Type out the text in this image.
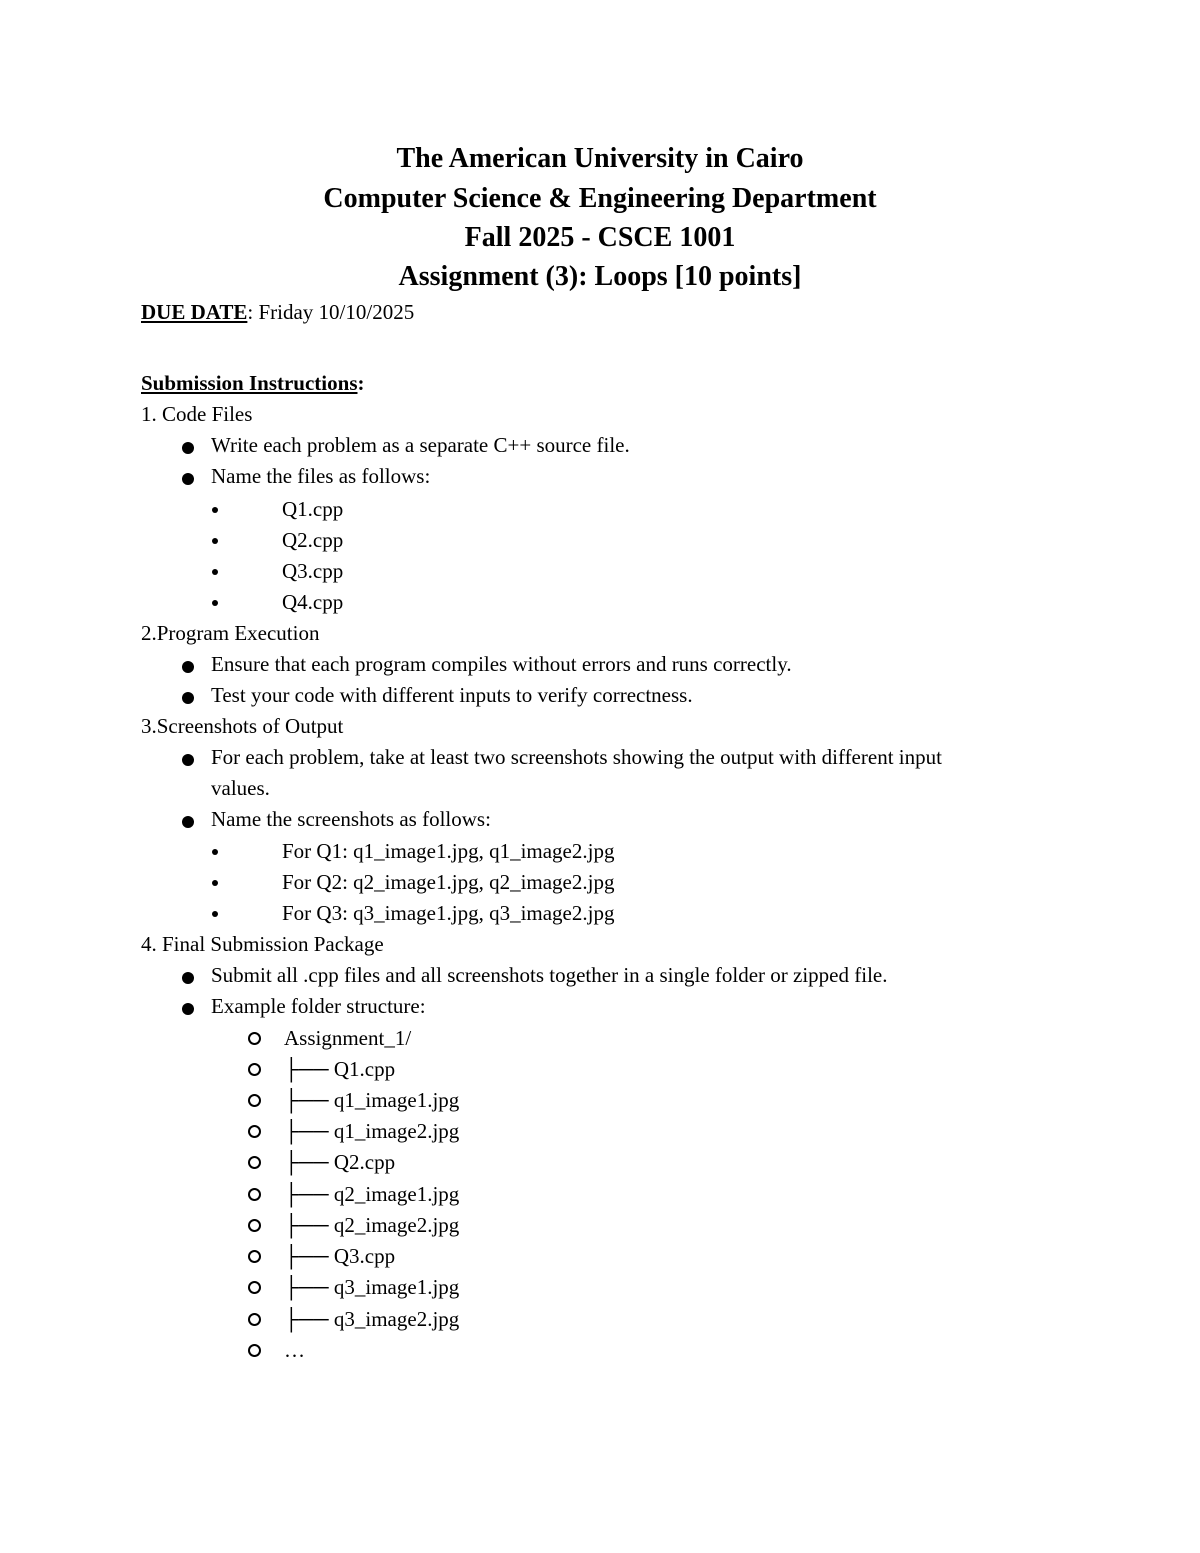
The American University in Cairo
Computer Science & Engineering Department
Fall 2025 - CSCE 1001
Assignment (3): Loops [10 points]
DUE DATE: Friday 10/10/2025
Submission Instructions:
1. Code Files
Write each problem as a separate C++ source file.
Name the files as follows:
Q1.cpp
Q2.cpp
Q3.cpp
Q4.cpp
2.Program Execution
Ensure that each program compiles without errors and runs correctly.
Test your code with different inputs to verify correctness.
3.Screenshots of Output
For each problem, take at least two screenshots showing the output with different input
values.
Name the screenshots as follows:
For Q1: q1_image1.jpg, q1_image2.jpg
For Q2: q2_image1.jpg, q2_image2.jpg
For Q3: q3_image1.jpg, q3_image2.jpg
4. Final Submission Package
Submit all .cpp files and all screenshots together in a single folder or zipped file.
Example folder structure:
Assignment_1/
├── Q1.cpp
├── q1_image1.jpg
├── q1_image2.jpg
├── Q2.cpp
├── q2_image1.jpg
├── q2_image2.jpg
├── Q3.cpp
├── q3_image1.jpg
├── q3_image2.jpg
…
